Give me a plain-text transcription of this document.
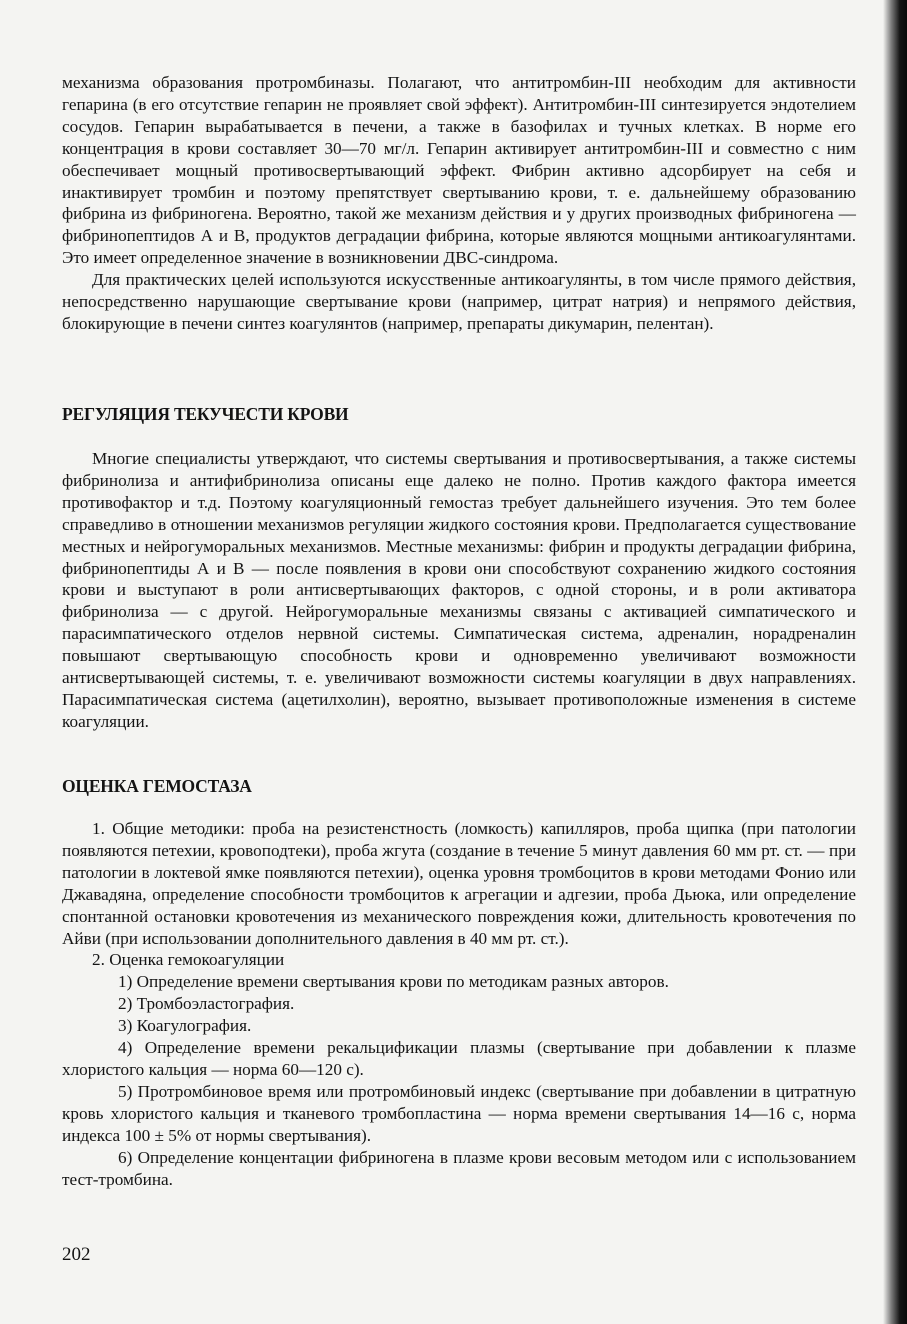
механизма образования протромбиназы. Полагают, что антитромбин-III необходим для активности гепарина (в его отсутствие гепарин не проявляет свой эффект). Антитромбин-III синтезируется эндотелием сосудов. Гепарин вырабатывается в печени, а также в базофилах и тучных клетках. В норме его концентрация в крови составляет 30—70 мг/л. Гепарин активирует антитромбин-III и совместно с ним обеспечивает мощный противосвертывающий эффект. Фибрин активно адсорбирует на себя и инактивирует тромбин и поэтому препятствует свертыванию крови, т. е. дальнейшему образованию фибрина из фибриногена. Вероятно, такой же механизм действия и у других производных фибриногена — фибринопептидов А и В, продуктов деградации фибрина, которые являются мощными антикоагулянтами. Это имеет определенное значение в возникновении ДВС-синдрома.

Для практических целей используются искусственные антикоагулянты, в том числе прямого действия, непосредственно нарушающие свертывание крови (например, цитрат натрия) и непрямого действия, блокирующие в печени синтез коагулянтов (например, препараты дикумарин, пелентан).

РЕГУЛЯЦИЯ ТЕКУЧЕСТИ КРОВИ

Многие специалисты утверждают, что системы свертывания и противосвертывания, а также системы фибринолиза и антифибринолиза описаны еще далеко не полно. Против каждого фактора имеется противофактор и т.д. Поэтому коагуляционный гемостаз требует дальнейшего изучения. Это тем более справедливо в отношении механизмов регуляции жидкого состояния крови. Предполагается существование местных и нейрогуморальных механизмов. Местные механизмы: фибрин и продукты деградации фибрина, фибринопептиды А и В — после появления в крови они способствуют сохранению жидкого состояния крови и выступают в роли антисвертывающих факторов, с одной стороны, и в роли активатора фибринолиза — с другой. Нейрогуморальные механизмы связаны с активацией симпатического и парасимпатического отделов нервной системы. Симпатическая система, адреналин, норадреналин повышают свертывающую способность крови и одновременно увеличивают возможности антисвертывающей системы, т. е. увеличивают возможности системы коагуляции в двух направлениях. Парасимпатическая система (ацетилхолин), вероятно, вызывает противоположные изменения в системе коагуляции.

ОЦЕНКА ГЕМОСТАЗА

1. Общие методики: проба на резистенстность (ломкость) капилляров, проба щипка (при патологии появляются петехии, кровоподтеки), проба жгута (создание в течение 5 минут давления 60 мм рт. ст. — при патологии в локтевой ямке появляются петехии), оценка уровня тромбоцитов в крови методами Фонио или Джавадяна, определение способности тромбоцитов к агрегации и адгезии, проба Дьюка, или определение спонтанной остановки кровотечения из механического повреждения кожи, длительность кровотечения по Айви (при использовании дополнительного давления в 40 мм рт. ст.).

2. Оценка гемокоагуляции

1) Определение времени свертывания крови по методикам разных авторов.

2) Тромбоэластография.

3) Коагулография.

4) Определение времени рекальцификации плазмы (свертывание при добавлении к плазме хлористого кальция — норма 60—120 с).

5) Протромбиновое время или протромбиновый индекс (свертывание при добавлении в цитратную кровь хлористого кальция и тканевого тромбопластина — норма времени свертывания 14—16 с, норма индекса 100 ± 5% от нормы свертывания).

6) Определение концентации фибриногена в плазме крови весовым методом или с использованием тест-тромбина.

202
